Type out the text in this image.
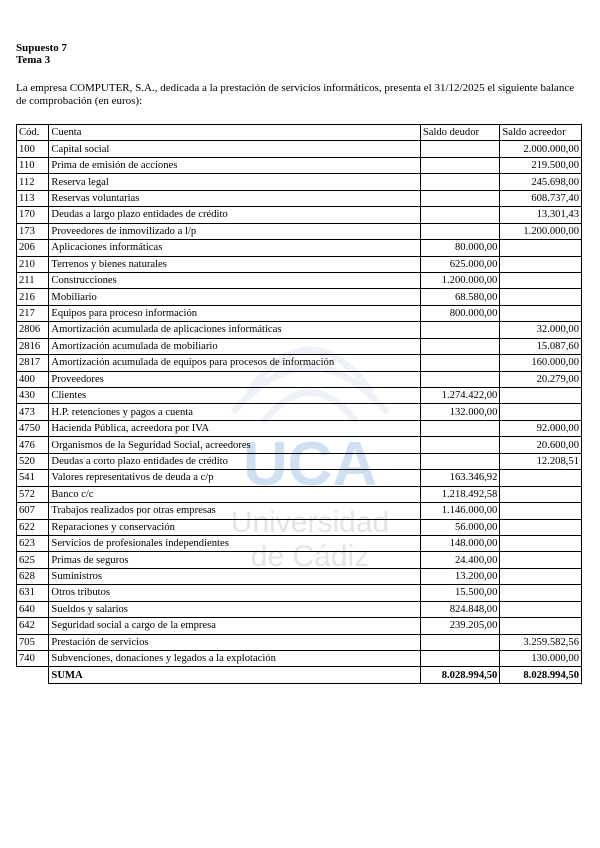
UCA
Universidad
de Cádiz
Supuesto 7
Tema 3
La empresa COMPUTER, S.A., dedicada a la prestación de servicios informáticos, presenta el 31/12/2025 el siguiente balance de comprobación (en euros):
Cód.	Cuenta	Saldo deudor	Saldo acreedor
100	Capital social		2.000.000,00
110	Prima de emisión de acciones		219.500,00
112	Reserva legal		245.698,00
113	Reservas voluntarias		608.737,40
170	Deudas a largo plazo entidades de crédito		13.301,43
173	Proveedores de inmovilizado a l/p		1.200.000,00
206	Aplicaciones informáticas	80.000,00	
210	Terrenos y bienes naturales	625.000,00	
211	Construcciones	1.200.000,00	
216	Mobiliario	68.580,00	
217	Equipos para proceso información	800.000,00	
2806	Amortización acumulada de aplicaciones informáticas		32.000,00
2816	Amortización acumulada de mobiliario		15.087,60
2817	Amortización acumulada de equipos para procesos de información		160.000,00
400	Proveedores		20.279,00
430	Clientes	1.274.422,00	
473	H.P. retenciones y pagos a cuenta	132.000,00	
4750	Hacienda Pública, acreedora por IVA		92.000,00
476	Organismos de la Seguridad Social, acreedores		20.600,00
520	Deudas a corto plazo entidades de crédito		12.208,51
541	Valores representativos de deuda a c/p	163.346,92	
572	Banco c/c	1.218.492,58	
607	Trabajos realizados por otras empresas	1.146.000,00	
622	Reparaciones y conservación	56.000,00	
623	Servicios de profesionales independientes	148.000,00	
625	Primas de seguros	24.400,00	
628	Suministros	13.200,00	
631	Otros tributos	15.500,00	
640	Sueldos y salarios	824.848,00	
642	Seguridad social a cargo de la empresa	239.205,00	
705	Prestación de servicios		3.259.582,56
740	Subvenciones, donaciones y legados a la explotación		130.000,00
	SUMA	8.028.994,50	8.028.994,50
